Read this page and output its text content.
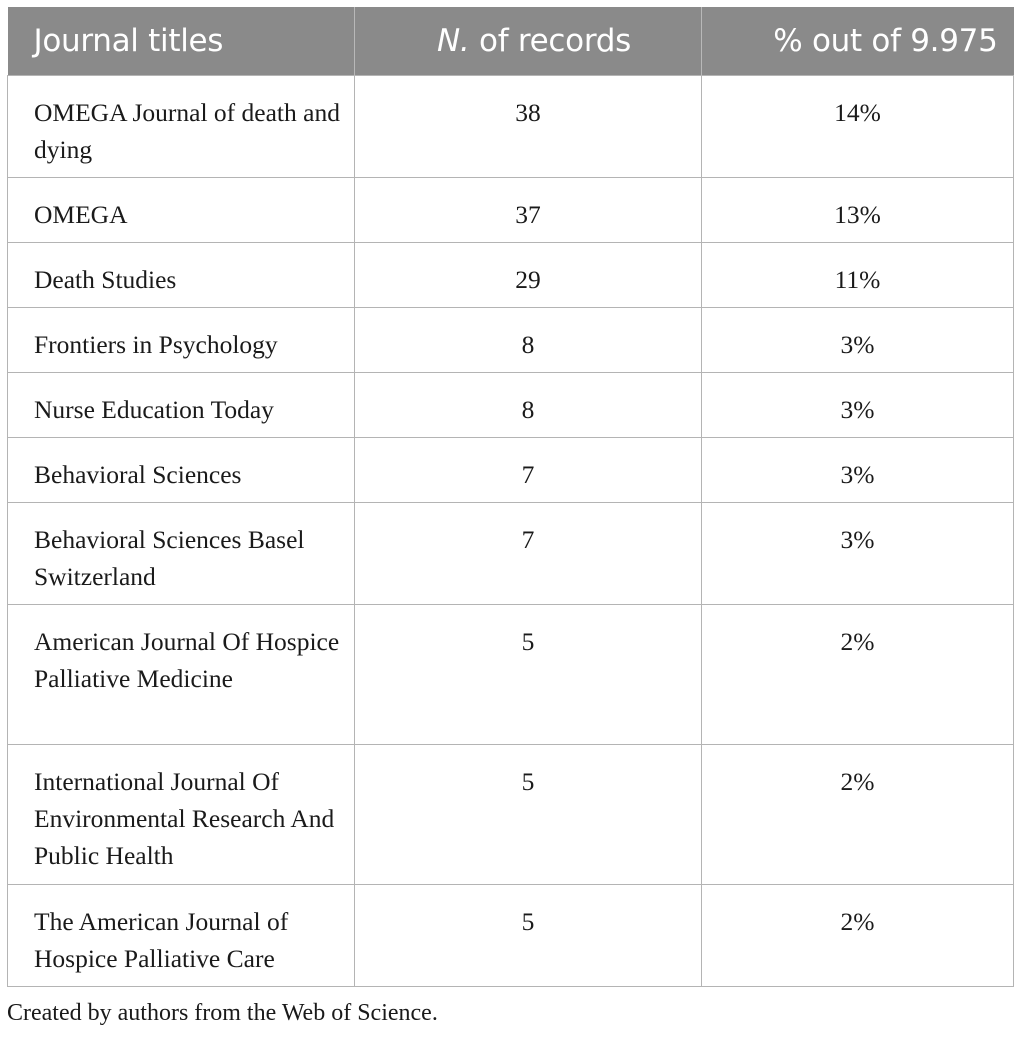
Journal titles	N. of records	% out of 9.975
OMEGA Journal of death and dying	38	14%
OMEGA	37	13%
Death Studies	29	11%
Frontiers in Psychology	8	3%
Nurse Education Today	8	3%
Behavioral Sciences	7	3%
Behavioral Sciences Basel Switzerland	7	3%
American Journal Of Hospice Palliative Medicine	5	2%
International Journal Of Environmental Research And Public Health	5	2%
The American Journal of Hospice Palliative Care	5	2%
Created by authors from the Web of Science.
